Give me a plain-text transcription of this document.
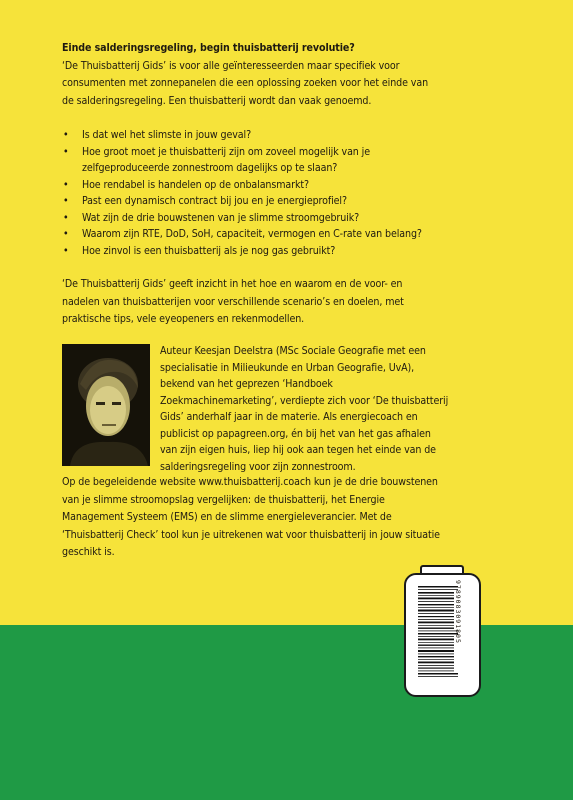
Einde salderingsregeling, begin thuisbatterij revolutie?
‘De Thuisbatterij Gids’ is voor alle geïnteresseerden maar specifiek voor consumenten met zonnepanelen die een oplossing zoeken voor het einde van de salderingsregeling. Een thuisbatterij wordt dan vaak genoemd.
• Is dat wel het slimste in jouw geval?
• Hoe groot moet je thuisbatterij zijn om zoveel mogelijk van je zelfgeproduceerde zonnestroom dagelijks op te slaan?
• Hoe rendabel is handelen op de onbalansmarkt?
• Past een dynamisch contract bij jou en je energieprofiel?
• Wat zijn de drie bouwstenen van je slimme stroomgebruik?
• Waarom zijn RTE, DoD, SoH, capaciteit, vermogen en C-rate van belang?
• Hoe zinvol is een thuisbatterij als je nog gas gebruikt?
‘De Thuisbatterij Gids’ geeft inzicht in het hoe en waarom en de voor- en nadelen van thuisbatterijen voor verschillende scenario’s en doelen, met praktische tips, vele eyeopeners en rekenmodellen.
Auteur Keesjan Deelstra (MSc Sociale Geografie met een specialisatie in Milieukunde en Urban Geografie, UvA), bekend van het geprezen ‘Handboek Zoekmachinemarketing’, verdiepte zich voor ‘De thuisbatterij Gids’ anderhalf jaar in de materie. Als energiecoach en publicist op papagreen.org, én bij het van het gas afhalen van zijn eigen huis, liep hij ook aan tegen het einde van de salderingsregeling voor zijn zonnestroom.
Op de begeleidende website www.thuisbatterij.coach kun je de drie bouwstenen van je slimme stroomopslag vergelijken: de thuisbatterij, het Energie Management Systeem (EMS) en de slimme energieleverancier. Met de ‘Thuisbatterij Check’ tool kun je uitrekenen wat voor thuisbatterij in jouw situatie geschikt is.
9789083091805
